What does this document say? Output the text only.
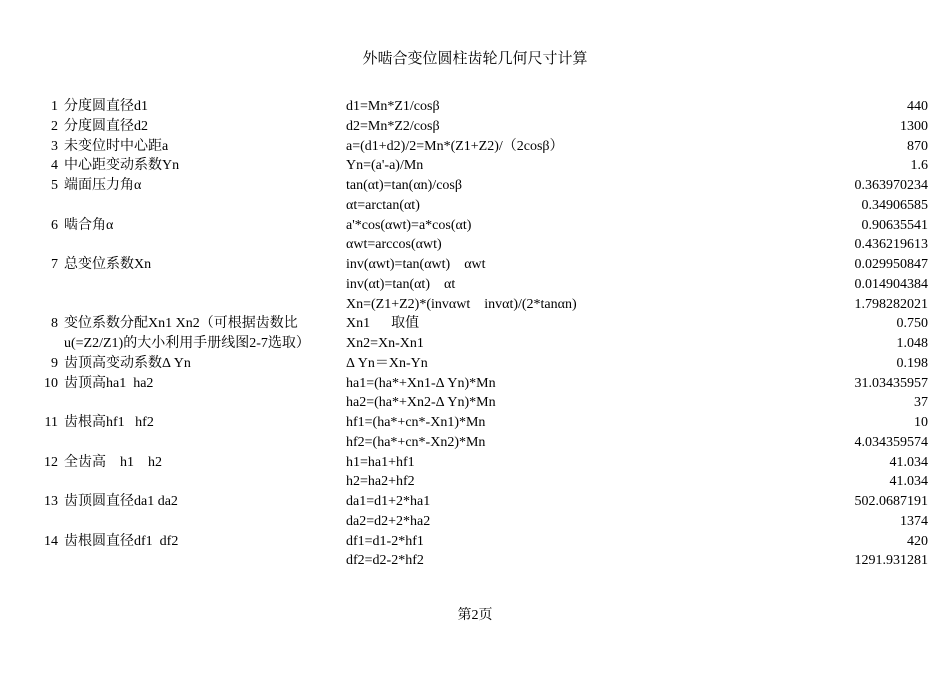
外啮合变位圆柱齿轮几何尺寸计算
1 分度圆直径d1	d1=Mn*Z1/cosβ	440
2 分度圆直径d2	d2=Mn*Z2/cosβ	1300
3 未变位时中心距a	a=(d1+d2)/2=Mn*(Z1+Z2)/（2cosβ）	870
4 中心距变动系数Yn	Yn=(a'-a)/Mn	1.6
5 端面压力角α	tan(αt)=tan(αn)/cosβ	0.363970234
αt=arctan(αt)	0.34906585
6 啮合角α	a'*cos(αwt)=a*cos(αt)	0.90635541
αwt=arccos(αwt)	0.436219613
7 总变位系数Xn	inv(αwt)=tan(αwt)    αwt	0.029950847
inv(αt)=tan(αt)    αt	0.014904384
Xn=(Z1+Z2)*(invαwt    invαt)/(2*tanαn)	1.798282021
8 变位系数分配Xn1 Xn2（可根据齿数比	Xn1      取值	0.750
u(=Z2/Z1)的大小利用手册线图2-7选取）	Xn2=Xn-Xn1	1.048
9 齿顶高变动系数Δ Yn	Δ Yn＝Xn-Yn	0.198
10 齿顶高ha1  ha2	ha1=(ha*+Xn1-Δ Yn)*Mn	31.03435957
ha2=(ha*+Xn2-Δ Yn)*Mn	37
11 齿根高hf1   hf2	hf1=(ha*+cn*-Xn1)*Mn	10
hf2=(ha*+cn*-Xn2)*Mn	4.034359574
12 全齿高    h1    h2	h1=ha1+hf1	41.034
h2=ha2+hf2	41.034
13 齿顶圆直径da1 da2	da1=d1+2*ha1	502.0687191
da2=d2+2*ha2	1374
14 齿根圆直径df1  df2	df1=d1-2*hf1	420
df2=d2-2*hf2	1291.931281
第2页
